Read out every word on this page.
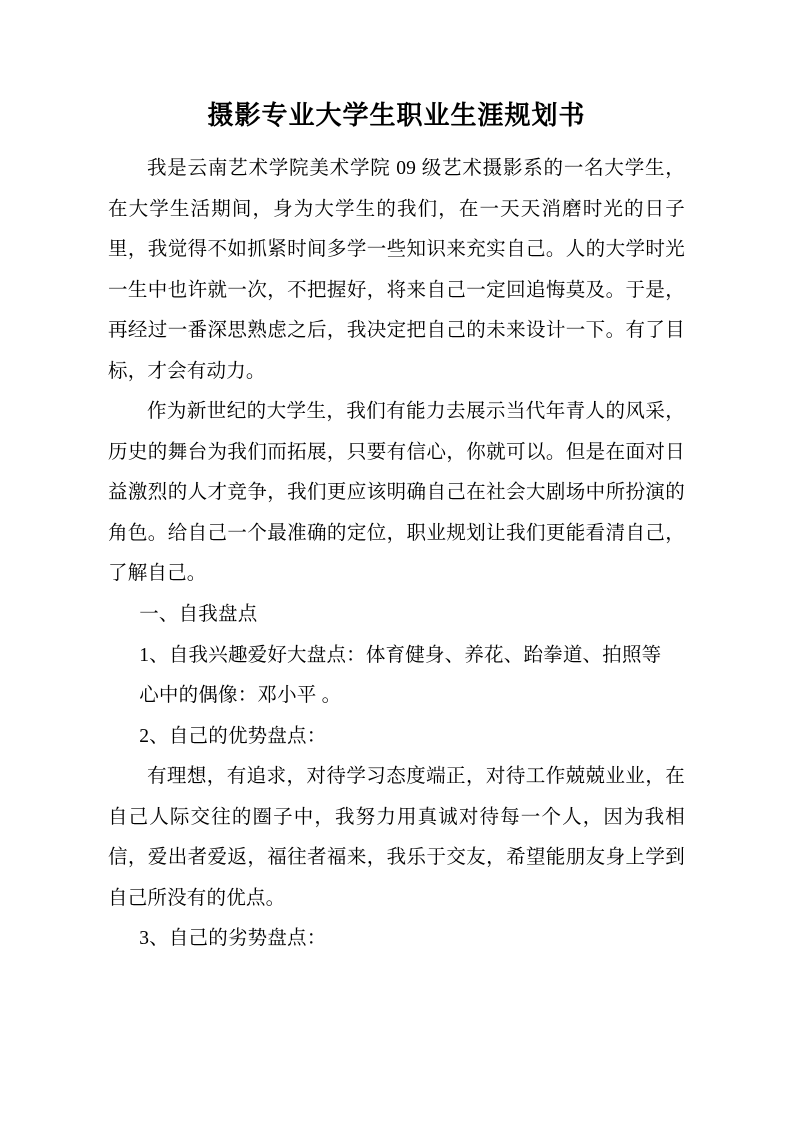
摄影专业大学生职业生涯规划书

我是云南艺术学院美术学院 09 级艺术摄影系的一名大学生，在大学生活期间，身为大学生的我们，在一天天消磨时光的日子里，我觉得不如抓紧时间多学一些知识来充实自己。人的大学时光一生中也许就一次，不把握好，将来自己一定回追悔莫及。于是，再经过一番深思熟虑之后，我决定把自己的未来设计一下。有了目标，才会有动力。

作为新世纪的大学生，我们有能力去展示当代年青人的风采，历史的舞台为我们而拓展，只要有信心，你就可以。但是在面对日益激烈的人才竞争，我们更应该明确自己在社会大剧场中所扮演的角色。给自己一个最准确的定位，职业规划让我们更能看清自己，了解自己。

一、自我盘点

1、自我兴趣爱好大盘点：体育健身、养花、跆拳道、拍照等

心中的偶像：邓小平 。

2、自己的优势盘点：

有理想，有追求，对待学习态度端正，对待工作兢兢业业，在自己人际交往的圈子中，我努力用真诚对待每一个人，因为我相信，爱出者爱返，福往者福来，我乐于交友，希望能朋友身上学到自己所没有的优点。

3、自己的劣势盘点：
